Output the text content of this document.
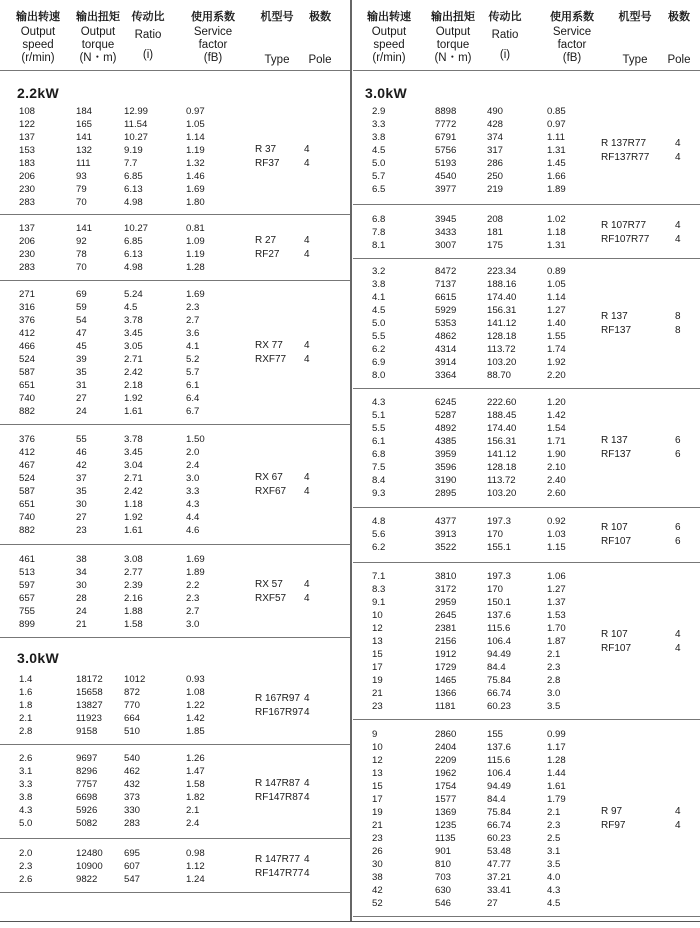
输出转速
Output
speed
(r/min)
输出扭矩
Output
torque
(N・m)
传动比
Ratio
(i)
使用系数
Service
factor
(fB)
机型号
Type
极数
Pole
2.2kW
108	184	12.99	0.97
122	165	11.54	1.05
137	141	10.27	1.14
153	132	9.19	1.19
183	111	7.7	1.32
206	93	6.85	1.46
230	79	6.13	1.69
283	70	4.98	1.80
R 37
RF37
4
4
137	141	10.27	0.81
206	92	6.85	1.09
230	78	6.13	1.19
283	70	4.98	1.28
R 27
RF27
4
4
271	69	5.24	1.69
316	59	4.5	2.3
376	54	3.78	2.7
412	47	3.45	3.6
466	45	3.05	4.1
524	39	2.71	5.2
587	35	2.42	5.7
651	31	2.18	6.1
740	27	1.92	6.4
882	24	1.61	6.7
RX 77
RXF77
4
4
376	55	3.78	1.50
412	46	3.45	2.0
467	42	3.04	2.4
524	37	2.71	3.0
587	35	2.42	3.3
651	30	1.18	4.3
740	27	1.92	4.4
882	23	1.61	4.6
RX 67
RXF67
4
4
461	38	3.08	1.69
513	34	2.77	1.89
597	30	2.39	2.2
657	28	2.16	2.3
755	24	1.88	2.7
899	21	1.58	3.0
RX 57
RXF57
4
4
3.0kW
1.4	18172 1012	0.93
1.6	15658 872	1.08
1.8	13827 770	1.22
2.1	11923 664	1.42
2.8	9158	510	1.85
R 167R97
RF167R97
4
4
2.6	9697	540	1.26
3.1	8296	462	1.47
3.3	7757	432	1.58
3.8	6698	373	1.82
4.3	5926	330	2.1
5.0	5082	283	2.4
R 147R87
RF147R87
4
4
2.0	12480 695	0.98
2.3	10900 607	1.12
2.6	9822	547	1.24
R 147R77
RF147R77
4
4
输出转速
Output
speed
(r/min)
输出扭矩
Output
torque
(N・m)
传动比
Ratio
(i)
使用系数
Service
factor
(fB)
机型号
Type
极数
Pole
3.0kW
2.9	8898	490	0.85
3.3	7772	428	0.97
3.8	6791	374	1.11
4.5	5756	317	1.31
5.0	5193	286	1.45
5.7	4540	250	1.66
6.5	3977	219	1.89
R 137R77
RF137R77
4
4
6.8	3945	208	1.02
7.8	3433	181	1.18
8.1	3007	175	1.31
R 107R77
RF107R77
4
4
3.2	8472	223.34	0.89
3.8	7137	188.16	1.05
4.1	6615	174.40	1.14
4.5	5929	156.31	1.27
5.0	5353	141.12	1.40
5.5	4862	128.18	1.55
6.2	4314	113.72	1.74
6.9	3914	103.20	1.92
8.0	3364	88.70	2.20
R 137
RF137
8
8
4.3	6245	222.60	1.20
5.1	5287	188.45	1.42
5.5	4892	174.40	1.54
6.1	4385	156.31	1.71
6.8	3959	141.12	1.90
7.5	3596	128.18	2.10
8.4	3190	113.72	2.40
9.3	2895	103.20	2.60
R 137
RF137
6
6
4.8	4377	197.3	0.92
5.6	3913	170	1.03
6.2	3522	155.1	1.15
R 107
RF107
6
6
7.1	3810	197.3	1.06
8.3	3172	170	1.27
9.1	2959	150.1	1.37
10	2645	137.6	1.53
12	2381	115.6	1.70
13	2156	106.4	1.87
15	1912	94.49	2.1
17	1729	84.4	2.3
19	1465	75.84	2.8
21	1366	66.74	3.0
23	1181	60.23	3.5
R 107
RF107
4
4
9	2860	155	0.99
10	2404	137.6	1.17
12	2209	115.6	1.28
13	1962	106.4	1.44
15	1754	94.49	1.61
17	1577	84.4	1.79
19	1369	75.84	2.1
21	1235	66.74	2.3
23	1135	60.23	2.5
26	901	53.48	3.1
30	810	47.77	3.5
38	703	37.21	4.0
42	630	33.41	4.3
52	546	27	4.5
R 97
RF97
4
4
